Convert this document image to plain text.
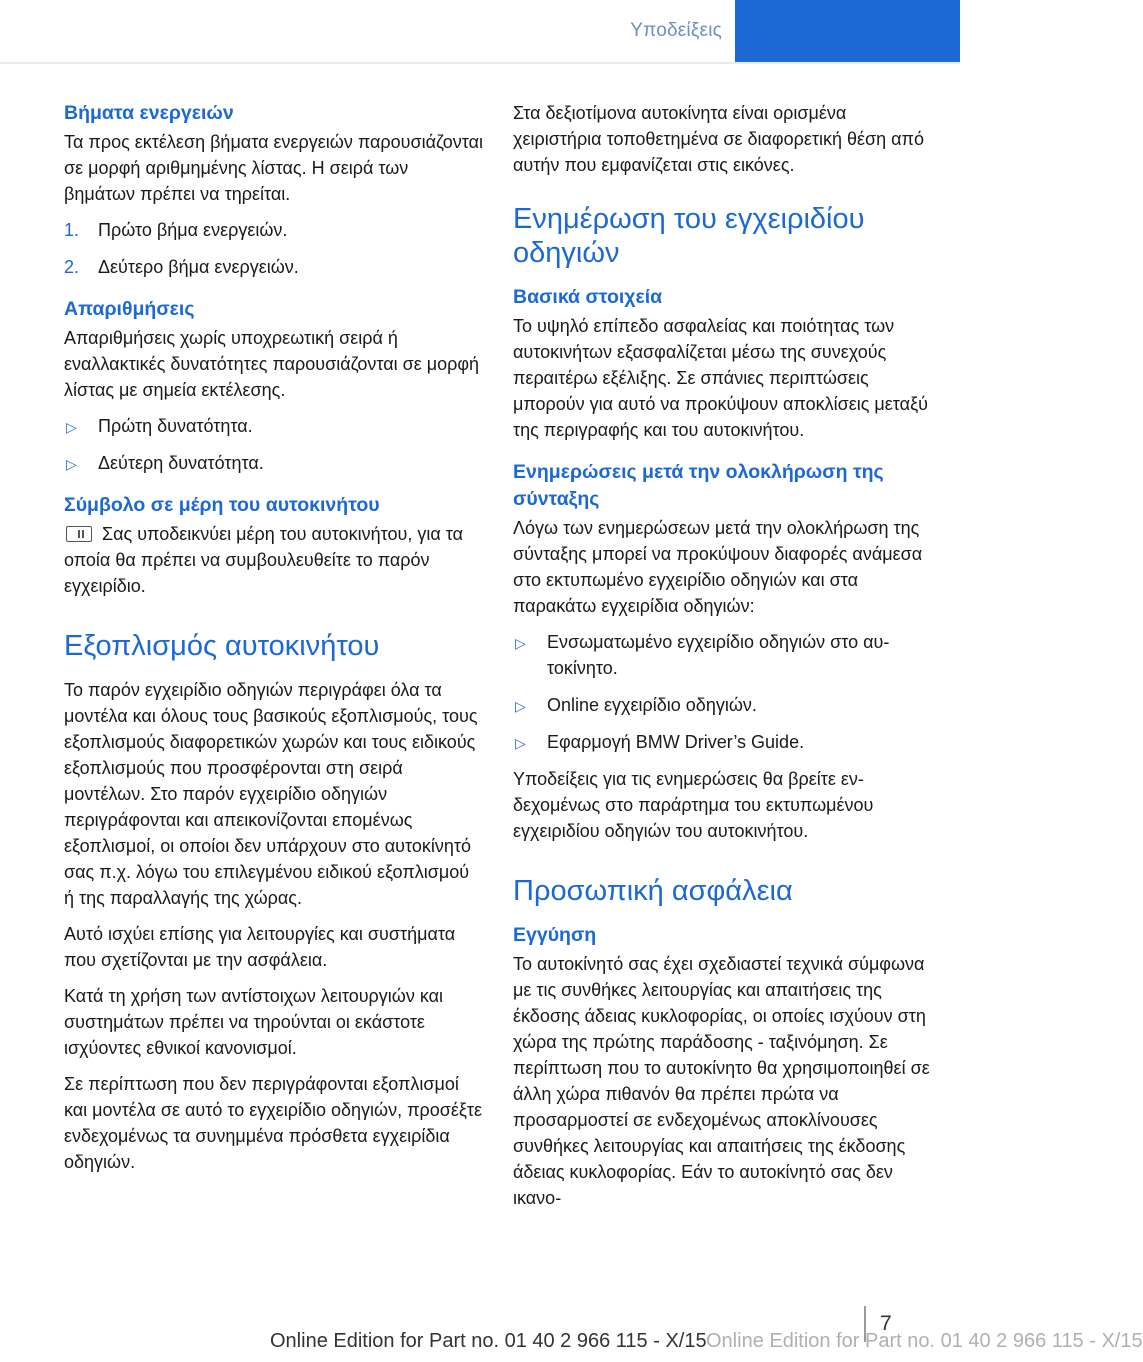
Υποδείξεις
Βήματα ενεργειών

Τα προς εκτέλεση βήματα ενεργειών παρουσιάζονται σε μορφή αριθμημένης λίστας. Η σειρά των βημάτων πρέπει να τηρείται.

1. Πρώτο βήμα ενεργειών.
2. Δεύτερο βήμα ενεργειών.
Απαριθμήσεις

Απαριθμήσεις χωρίς υποχρεωτική σειρά ή εναλλακτικές δυνατότητες παρουσιάζονται σε μορφή λίστας με σημεία εκτέλεσης.

▷ Πρώτη δυνατότητα.
▷ Δεύτερη δυνατότητα.
Σύμβολο σε μέρη του αυτοκινήτου

Σας υποδεικνύει μέρη του αυτοκινήτου, για τα οποία θα πρέπει να συμβουλευθείτε το παρόν εγχειρίδιο.

Εξοπλισμός αυτοκινήτου

Το παρόν εγχειρίδιο οδηγιών περιγράφει όλα τα μοντέλα και όλους τους βασικούς εξοπλισμούς, τους εξοπλισμούς διαφορετικών χωρών και τους ειδικούς εξοπλισμούς που προσφέρονται στη σειρά μοντέλων. Στο παρόν εγχειρίδιο οδηγιών περιγράφονται και απεικονίζονται επομένως εξοπλισμοί, οι οποίοι δεν υπάρχουν στο αυτοκίνητό σας π.χ. λόγω του επιλεγμένου ειδικού εξοπλισμού ή της παραλλαγής της χώρας.

Αυτό ισχύει επίσης για λειτουργίες και συστήματα που σχετίζονται με την ασφάλεια.

Κατά τη χρήση των αντίστοιχων λειτουργιών και συστημάτων πρέπει να τηρούνται οι εκάστοτε ισχύοντες εθνικοί κανονισμοί.

Σε περίπτωση που δεν περιγράφονται εξοπλισμοί και μοντέλα σε αυτό το εγχειρίδιο οδηγιών, προσέξτε ενδεχομένως τα συνημμένα πρόσθετα εγχειρίδια οδηγιών.

Στα δεξιοτίμονα αυτοκίνητα είναι ορισμένα χειριστήρια τοποθετημένα σε διαφορετική θέση από αυτήν που εμφανίζεται στις εικόνες.

Ενημέρωση του εγχειριδίου οδηγιών
Βασικά στοιχεία

Το υψηλό επίπεδο ασφαλείας και ποιότητας των αυτοκινήτων εξασφαλίζεται μέσω της συνεχούς περαιτέρω εξέλιξης. Σε σπάνιες περιπτώσεις μπορούν για αυτό να προκύψουν αποκλίσεις μεταξύ της περιγραφής και του αυτοκινήτου.

Ενημερώσεις μετά την ολοκλήρωση της σύνταξης

Λόγω των ενημερώσεων μετά την ολοκλήρωση της σύνταξης μπορεί να προκύψουν διαφορές ανάμεσα στο εκτυπωμένο εγχειρίδιο οδηγιών και στα παρακάτω εγχειρίδια οδηγιών:

▷ Ενσωματωμένο εγχειρίδιο οδηγιών στο αυτοκίνητο.
▷ Online εγχειρίδιο οδηγιών.
▷ Εφαρμογή BMW Driver’s Guide.

Υποδείξεις για τις ενημερώσεις θα βρείτε ενδεχομένως στο παράρτημα του εκτυπωμένου εγχειριδίου οδηγιών του αυτοκινήτου.

Προσωπική ασφάλεια
Εγγύηση

Το αυτοκίνητό σας έχει σχεδιαστεί τεχνικά σύμφωνα με τις συνθήκες λειτουργίας και απαιτήσεις της έκδοσης άδειας κυκλοφορίας, οι οποίες ισχύουν στη χώρα της πρώτης παράδοσης - ταξινόμηση. Σε περίπτωση που το αυτοκίνητο θα χρησιμοποιηθεί σε άλλη χώρα πιθανόν θα πρέπει πρώτα να προσαρμοστεί σε ενδεχομένως αποκλίνουσες συνθήκες λειτουργίας και απαιτήσεις της έκδοσης άδειας κυκλοφορίας. Εάν το αυτοκίνητό σας δεν ικανο-

7
Online Edition for Part no. 01 40 2 966 115 - X/15 Online Edition for Part no. 01 40 2 966 115 - X/15
